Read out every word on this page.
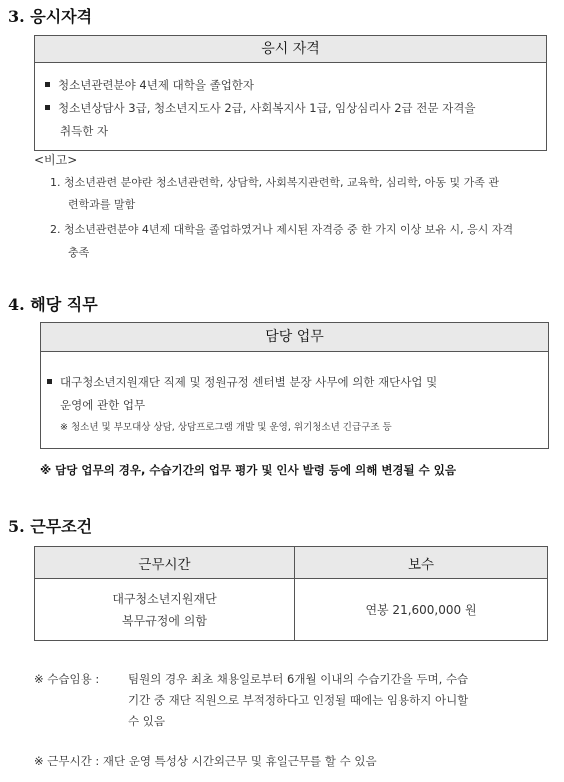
3. 응시자격
응시 자격
청소년관련분야 4년제 대학을 졸업한자
청소년상담사 3급, 청소년지도사 2급, 사회복지사 1급, 임상심리사 2급 전문 자격을
취득한 자
<비고>
1. 청소년관련 분야란 청소년관련학, 상담학, 사회복지관련학, 교육학, 심리학, 아동 및 가족 관
련학과를 말함
2. 청소년관련분야 4년제 대학을 졸업하였거나 제시된 자격증 중 한 가지 이상 보유 시, 응시 자격
충족
4. 해당 직무
담당 업무
대구청소년지원재단 직제 및 정원규정 센터별 분장 사무에 의한 재단사업 및
운영에 관한 업무
※ 청소년 및 부모대상 상담, 상담프로그램 개발 및 운영, 위기청소년 긴급구조 등
※ 담당 업무의 경우, 수습기간의 업무 평가 및 인사 발령 등에 의해 변경될 수 있음
5. 근무조건
근무시간	보수

대구청소년지원재단
복무규정에 의함	연봉 21,600,000 원
※ 수습임용 : 팀원의 경우 최초 채용일로부터 6개월 이내의 수습기간을 두며, 수습
기간 중 재단 직원으로 부적정하다고 인정될 때에는 임용하지 아니할
수 있음
※ 근무시간 : 재단 운영 특성상 시간외근무 및 휴일근무를 할 수 있음
